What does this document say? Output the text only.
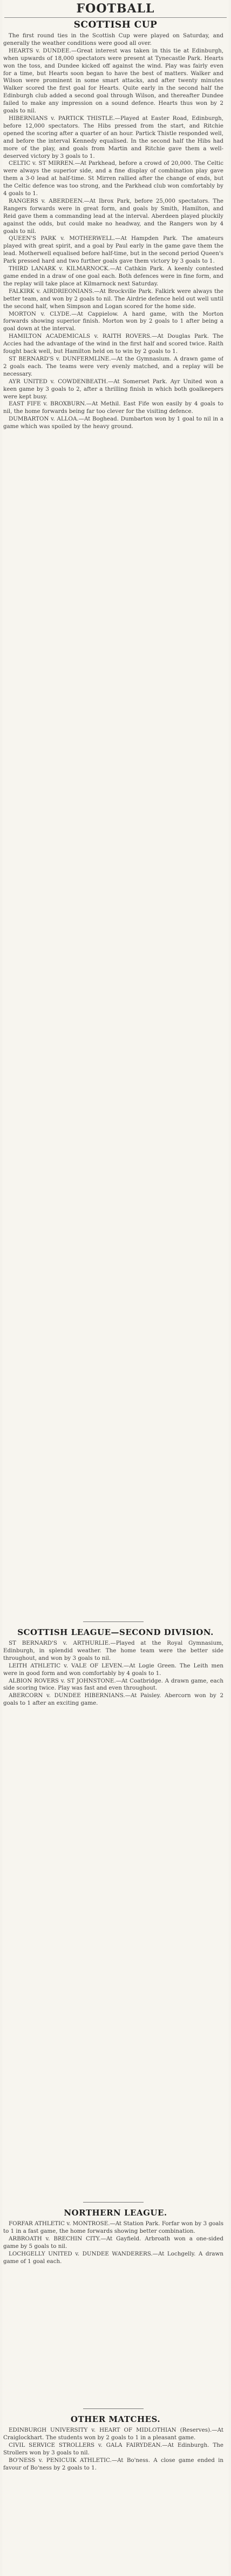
FOOTBALL
SCOTTISH CUP

The first round ties in the Scottish Cup were played on Saturday, and generally the weather conditions were good all over.

HEARTS v. DUNDEE.—Great interest was taken in this tie at Edinburgh, when upwards of 18,000 spectators were present at Tynecastle Park. Hearts won the toss, and Dundee kicked off against the wind. Play was fairly even for a time, but Hearts soon began to have the best of matters. Walker and Wilson were prominent in some smart attacks, and after twenty minutes Walker scored the first goal for Hearts. Quite early in the second half the Edinburgh club added a second goal through Wilson, and thereafter Dundee failed to make any impression on a sound defence. Hearts thus won by 2 goals to nil.

HIBERNIANS v. PARTICK THISTLE.—Played at Easter Road, Edinburgh, before 12,000 spectators. The Hibs pressed from the start, and Ritchie opened the scoring after a quarter of an hour. Partick Thistle responded well, and before the interval Kennedy equalised. In the second half the Hibs had more of the play, and goals from Martin and Ritchie gave them a well-deserved victory by 3 goals to 1.

CELTIC v. ST MIRREN.—At Parkhead, before a crowd of 20,000. The Celtic were always the superior side, and a fine display of combination play gave them a 3-0 lead at half-time. St Mirren rallied after the change of ends, but the Celtic defence was too strong, and the Parkhead club won comfortably by 4 goals to 1.

RANGERS v. ABERDEEN.—At Ibrox Park, before 25,000 spectators. The Rangers forwards were in great form, and goals by Smith, Hamilton, and Reid gave them a commanding lead at the interval. Aberdeen played pluckily against the odds, but could make no headway, and the Rangers won by 4 goals to nil.

QUEEN'S PARK v. MOTHERWELL.—At Hampden Park. The amateurs played with great spirit, and a goal by Paul early in the game gave them the lead. Motherwell equalised before half-time, but in the second period Queen's Park pressed hard and two further goals gave them victory by 3 goals to 1.

THIRD LANARK v. KILMARNOCK.—At Cathkin Park. A keenly contested game ended in a draw of one goal each. Both defences were in fine form, and the replay will take place at Kilmarnock next Saturday.

FALKIRK v. AIRDRIEONIANS.—At Brockville Park. Falkirk were always the better team, and won by 2 goals to nil. The Airdrie defence held out well until the second half, when Simpson and Logan scored for the home side.

MORTON v. CLYDE.—At Cappielow. A hard game, with the Morton forwards showing superior finish. Morton won by 2 goals to 1 after being a goal down at the interval.

HAMILTON ACADEMICALS v. RAITH ROVERS.—At Douglas Park. The Accies had the advantage of the wind in the first half and scored twice. Raith fought back well, but Hamilton held on to win by 2 goals to 1.

ST BERNARD'S v. DUNFERMLINE.—At the Gymnasium. A drawn game of 2 goals each. The teams were very evenly matched, and a replay will be necessary.

AYR UNITED v. COWDENBEATH.—At Somerset Park. Ayr United won a keen game by 3 goals to 2, after a thrilling finish in which both goalkeepers were kept busy.

EAST FIFE v. BROXBURN.—At Methil. East Fife won easily by 4 goals to nil, the home forwards being far too clever for the visiting defence.

DUMBARTON v. ALLOA.—At Boghead. Dumbarton won by 1 goal to nil in a game which was spoiled by the heavy ground.

SCOTTISH LEAGUE—SECOND DIVISION.

ST BERNARD'S v. ARTHURLIE.—Played at the Royal Gymnasium, Edinburgh, in splendid weather. The home team were the better side throughout, and won by 3 goals to nil.

LEITH ATHLETIC v. VALE OF LEVEN.—At Logie Green. The Leith men were in good form and won comfortably by 4 goals to 1.

ALBION ROVERS v. ST JOHNSTONE.—At Coatbridge. A drawn game, each side scoring twice. Play was fast and even throughout.

ABERCORN v. DUNDEE HIBERNIANS.—At Paisley. Abercorn won by 2 goals to 1 after an exciting game.

NORTHERN LEAGUE.

FORFAR ATHLETIC v. MONTROSE.—At Station Park. Forfar won by 3 goals to 1 in a fast game, the home forwards showing better combination.

ARBROATH v. BRECHIN CITY.—At Gayfield. Arbroath won a one-sided game by 5 goals to nil.

LOCHGELLY UNITED v. DUNDEE WANDERERS.—At Lochgelly. A drawn game of 1 goal each.

OTHER MATCHES.

EDINBURGH UNIVERSITY v. HEART OF MIDLOTHIAN (Reserves).—At Craiglockhart. The students won by 2 goals to 1 in a pleasant game.

CIVIL SERVICE STROLLERS v. GALA FAIRYDEAN.—At Edinburgh. The Strollers won by 3 goals to nil.

BO'NESS v. PENICUIK ATHLETIC.—At Bo'ness. A close game ended in favour of Bo'ness by 2 goals to 1.
